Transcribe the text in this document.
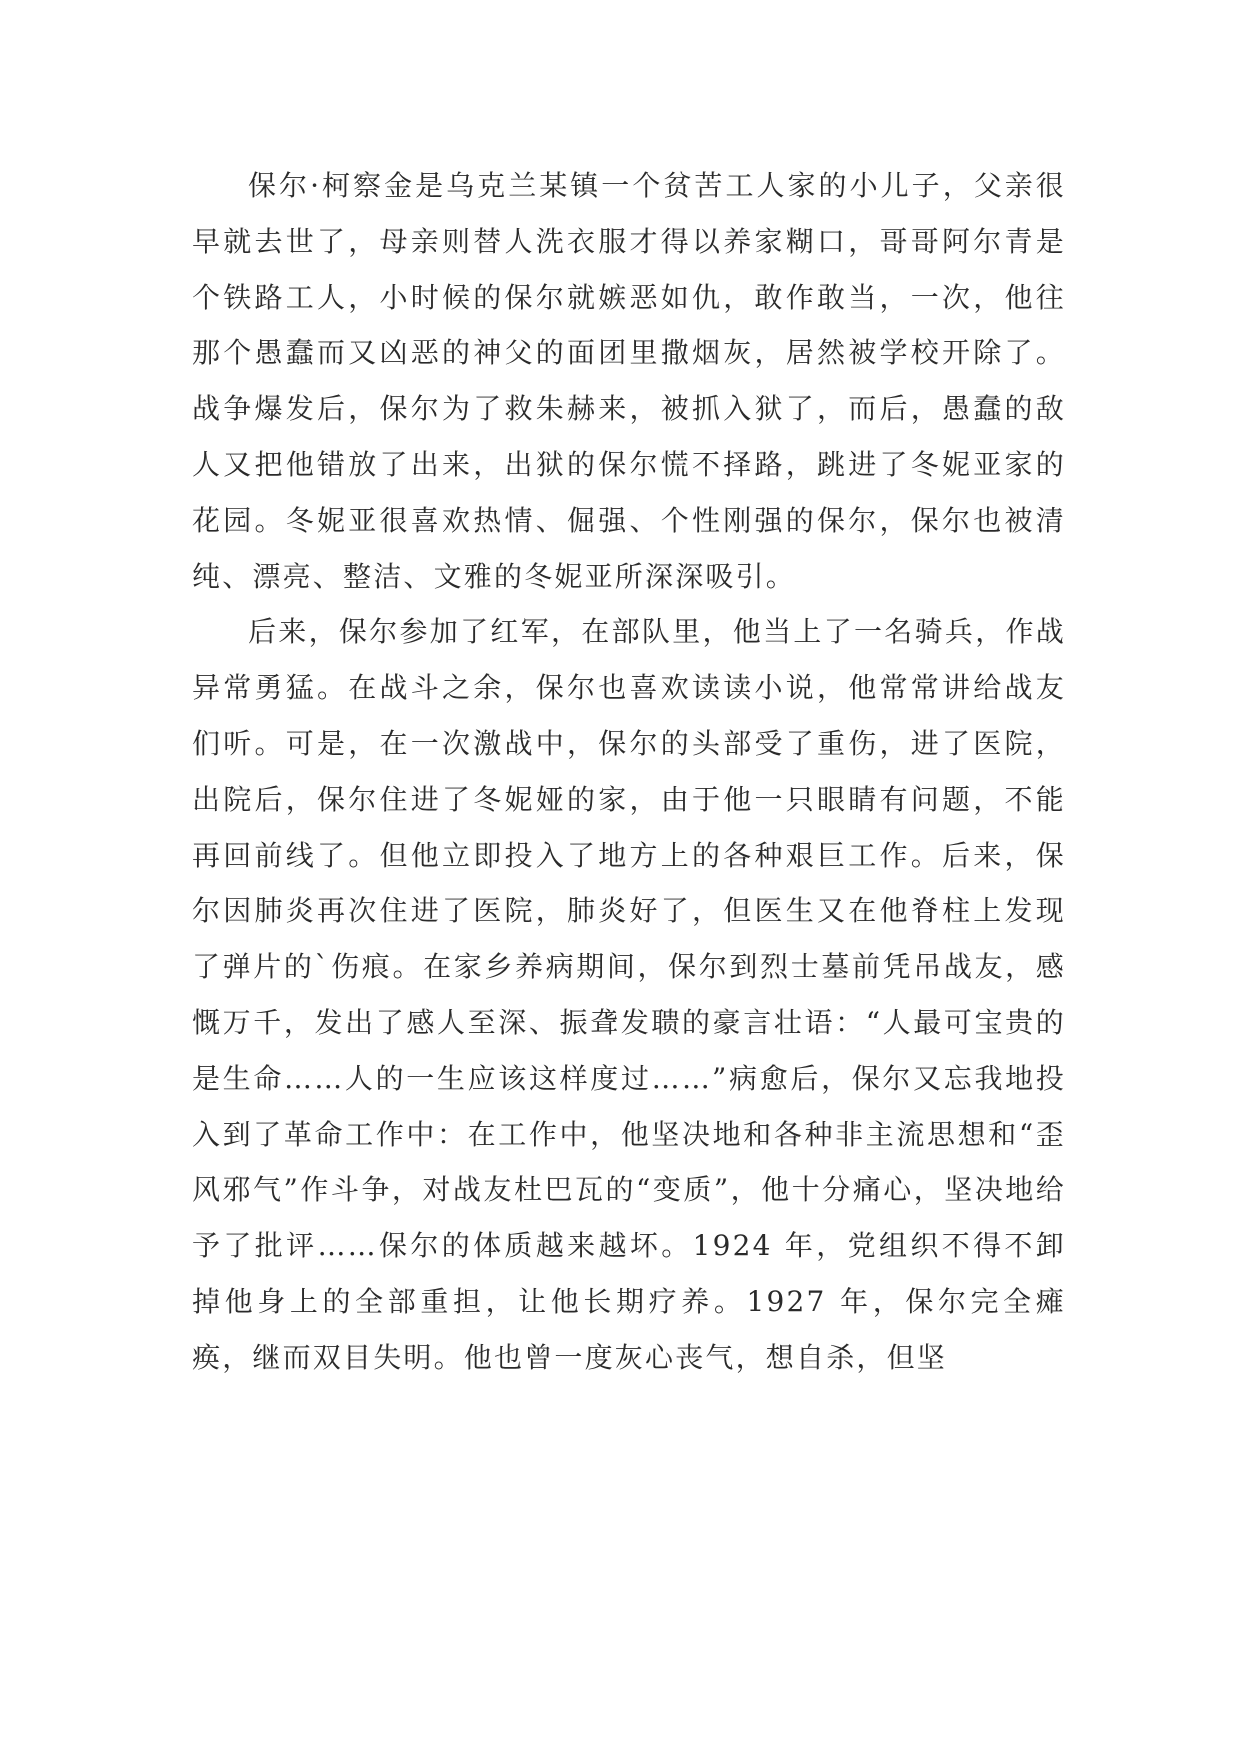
保尔·柯察金是乌克兰某镇一个贫苦工人家的小儿子，父亲很早就去世了，母亲则替人洗衣服才得以养家糊口，哥哥阿尔青是个铁路工人，小时候的保尔就嫉恶如仇，敢作敢当，一次，他往那个愚蠢而又凶恶的神父的面团里撒烟灰，居然被学校开除了。战争爆发后，保尔为了救朱赫来，被抓入狱了，而后，愚蠢的敌人又把他错放了出来，出狱的保尔慌不择路，跳进了冬妮亚家的花园。冬妮亚很喜欢热情、倔强、个性刚强的保尔，保尔也被清纯、漂亮、整洁、文雅的冬妮亚所深深吸引。

后来，保尔参加了红军，在部队里，他当上了一名骑兵，作战异常勇猛。在战斗之余，保尔也喜欢读读小说，他常常讲给战友们听。可是，在一次激战中，保尔的头部受了重伤，进了医院，出院后，保尔住进了冬妮娅的家，由于他一只眼睛有问题，不能再回前线了。但他立即投入了地方上的各种艰巨工作。后来，保尔因肺炎再次住进了医院，肺炎好了，但医生又在他脊柱上发现了弹片的`伤痕。在家乡养病期间，保尔到烈士墓前凭吊战友，感慨万千，发出了感人至深、振聋发聩的豪言壮语：“人最可宝贵的是生命……人的一生应该这样度过……”病愈后，保尔又忘我地投入到了革命工作中：在工作中，他坚决地和各种非主流思想和“歪风邪气”作斗争，对战友杜巴瓦的“变质”，他十分痛心，坚决地给予了批评……保尔的体质越来越坏。1924 年，党组织不得不卸掉他身上的全部重担，让他长期疗养。1927 年，保尔完全瘫痪，继而双目失明。他也曾一度灰心丧气，想自杀，但坚
